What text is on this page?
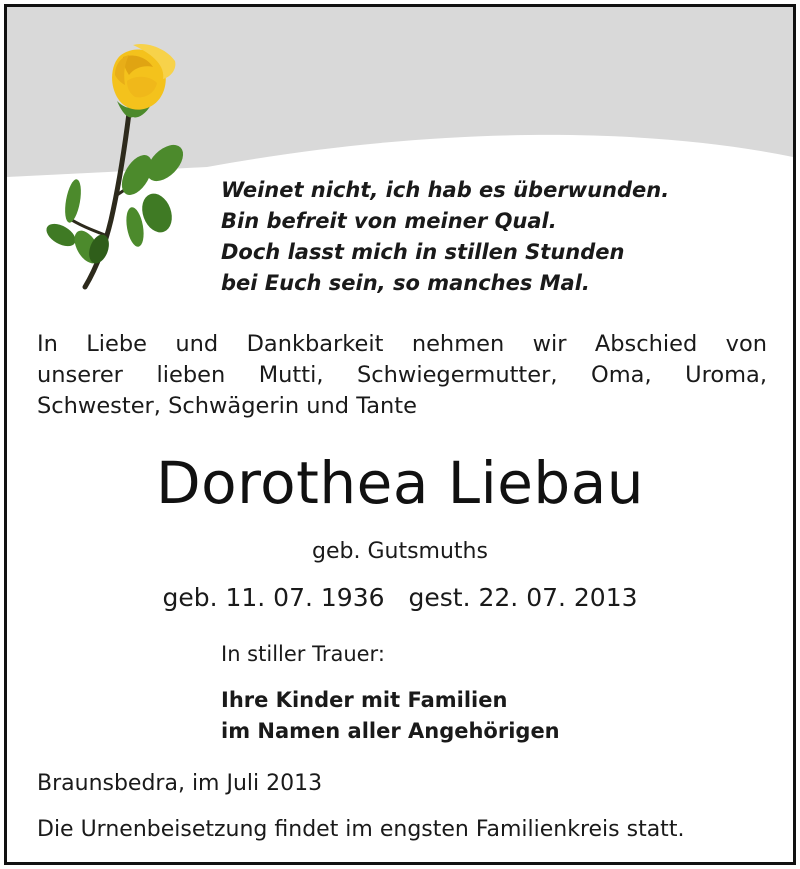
Weinet nicht, ich hab es überwunden.
Bin befreit von meiner Qual.
Doch lasst mich in stillen Stunden
bei Euch sein, so manches Mal.
In Liebe und Dankbarkeit nehmen wir Abschied von
unserer lieben Mutti, Schwiegermutter, Oma, Uroma,
Schwester, Schwägerin und Tante
Dorothea Liebau
geb. Gutsmuths
geb. 11. 07. 1936 gest. 22. 07. 2013
In stiller Trauer:
Ihre Kinder mit Familien
im Namen aller Angehörigen
Braunsbedra, im Juli 2013
Die Urnenbeisetzung findet im engsten Familienkreis statt.
